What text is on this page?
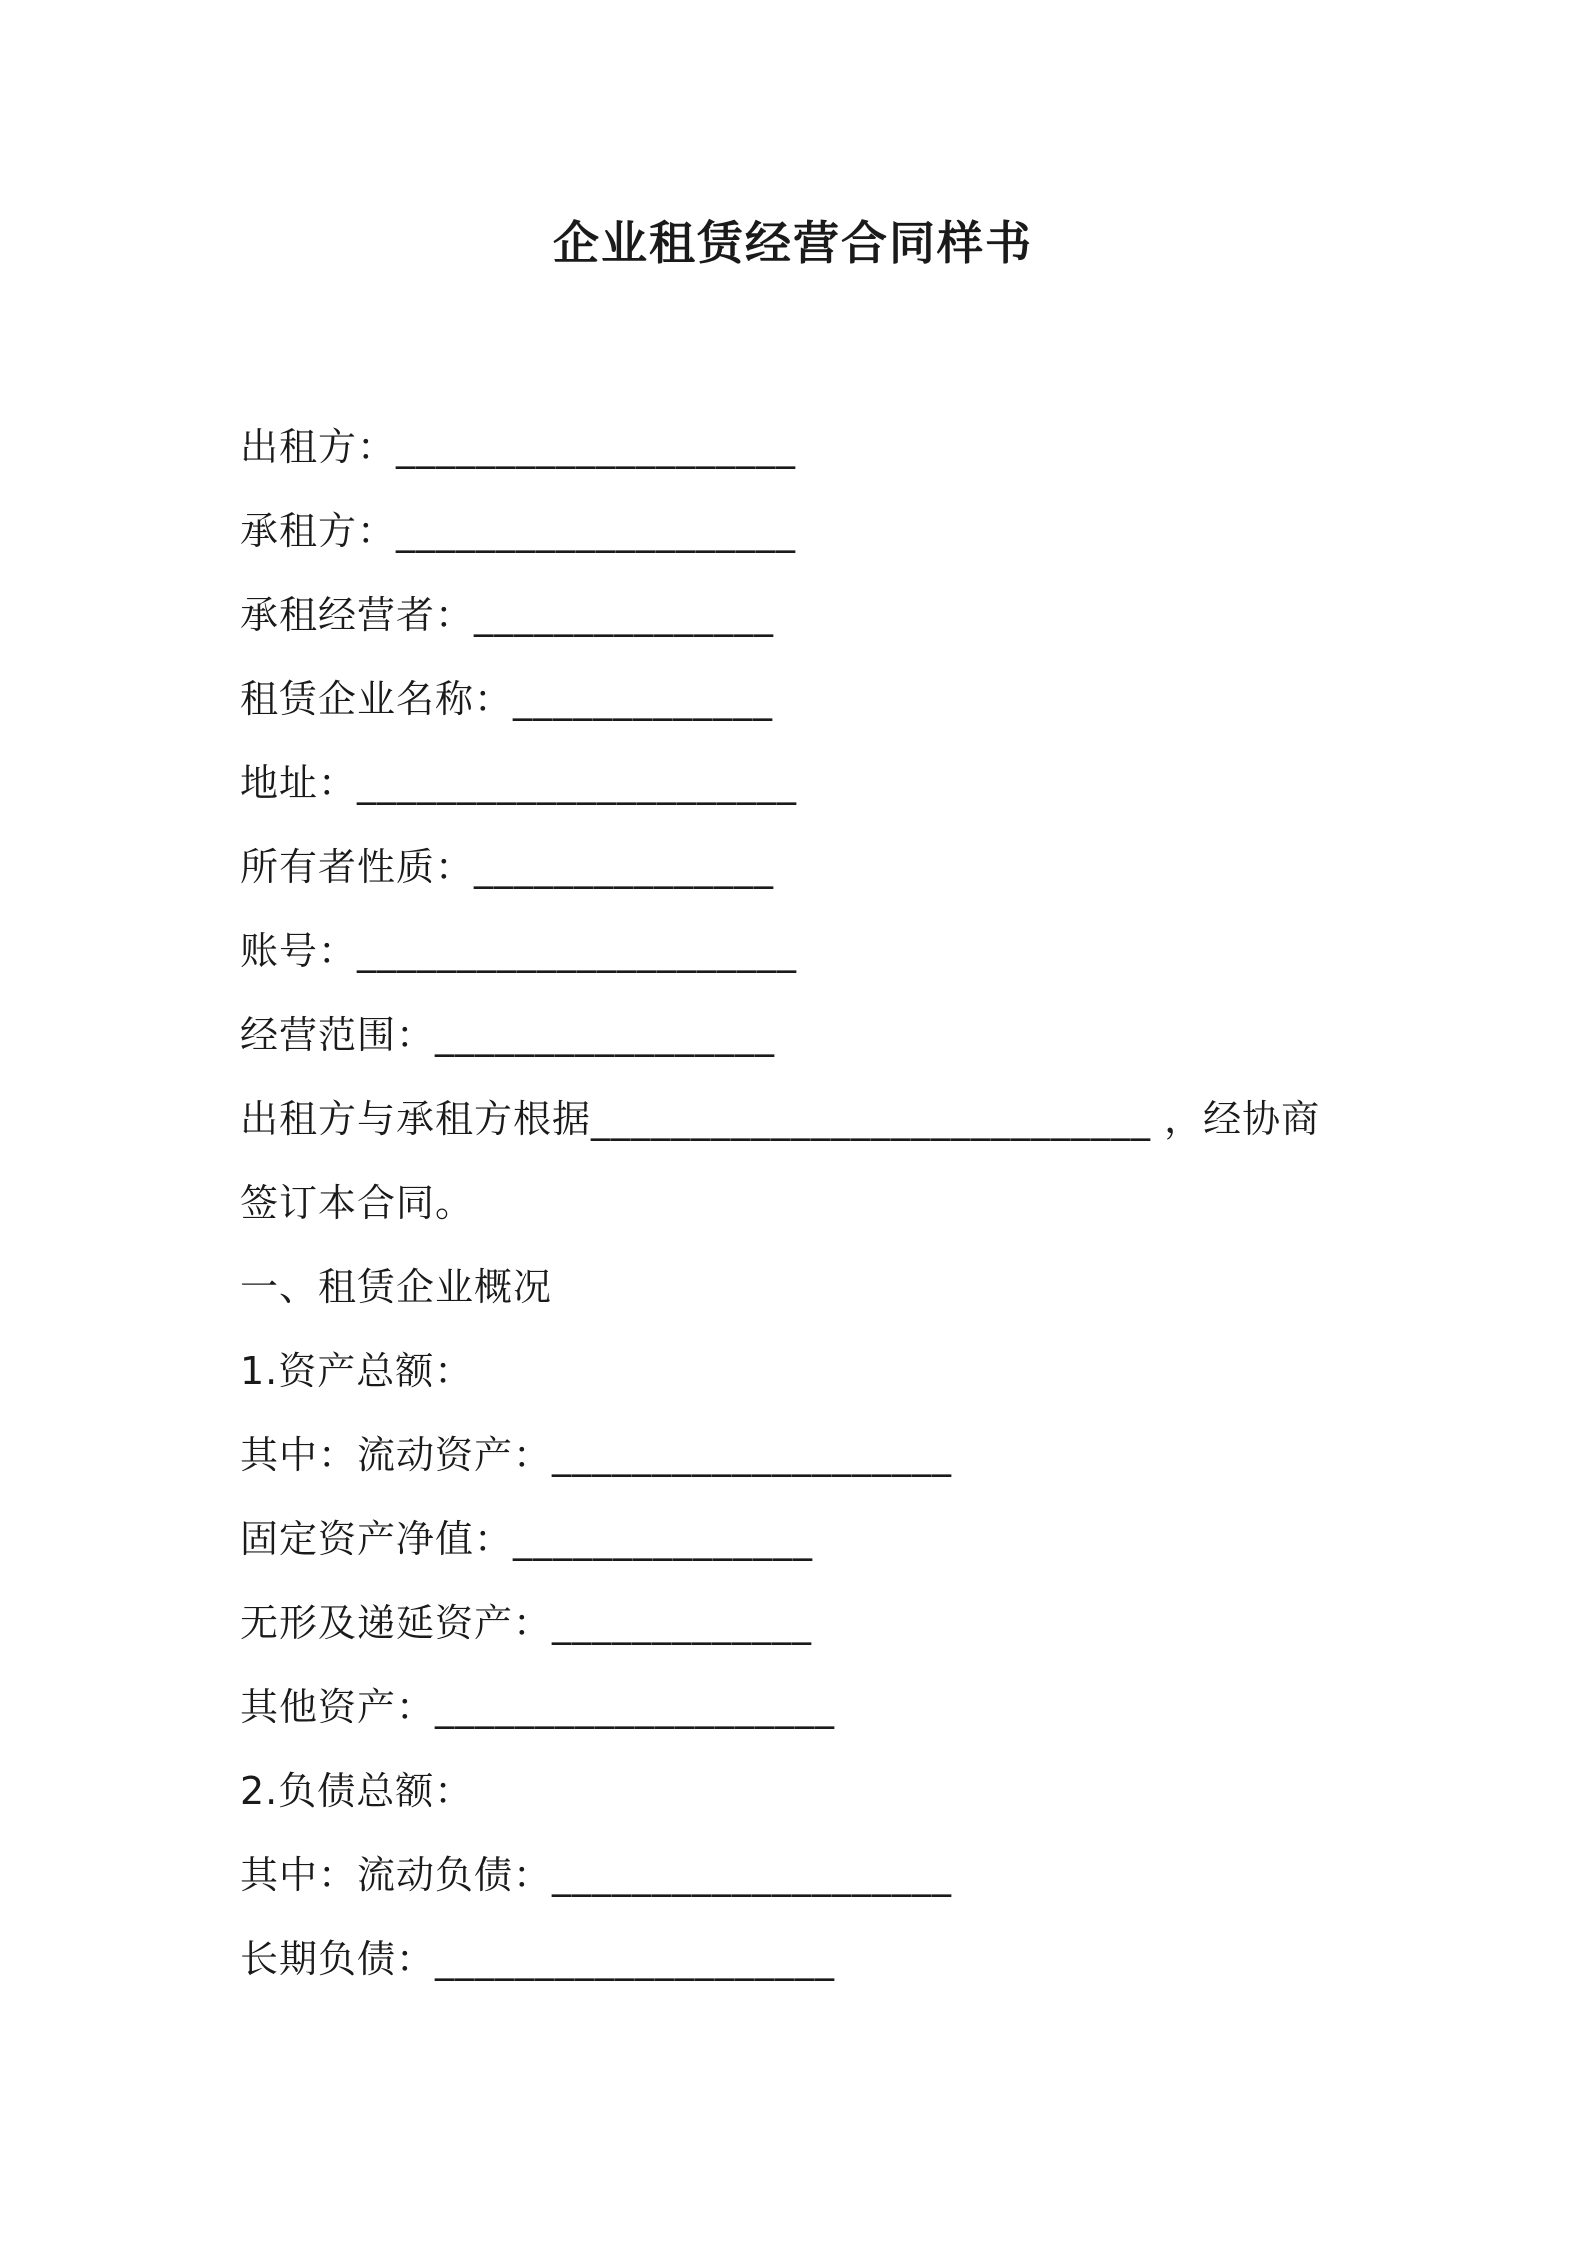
企业租赁经营合同样书

出租方：____________________

承租方：____________________

承租经营者：_______________

租赁企业名称：_____________

地址：______________________

所有者性质：_______________

账号：______________________

经营范围：_________________

出租方与承租方根据____________________________ ，经协商

签订本合同。

一、租赁企业概况

1.资产总额：

其中：流动资产：____________________

固定资产净值：_______________

无形及递延资产：_____________

其他资产：____________________

2.负债总额：

其中：流动负债：____________________

长期负债：____________________
